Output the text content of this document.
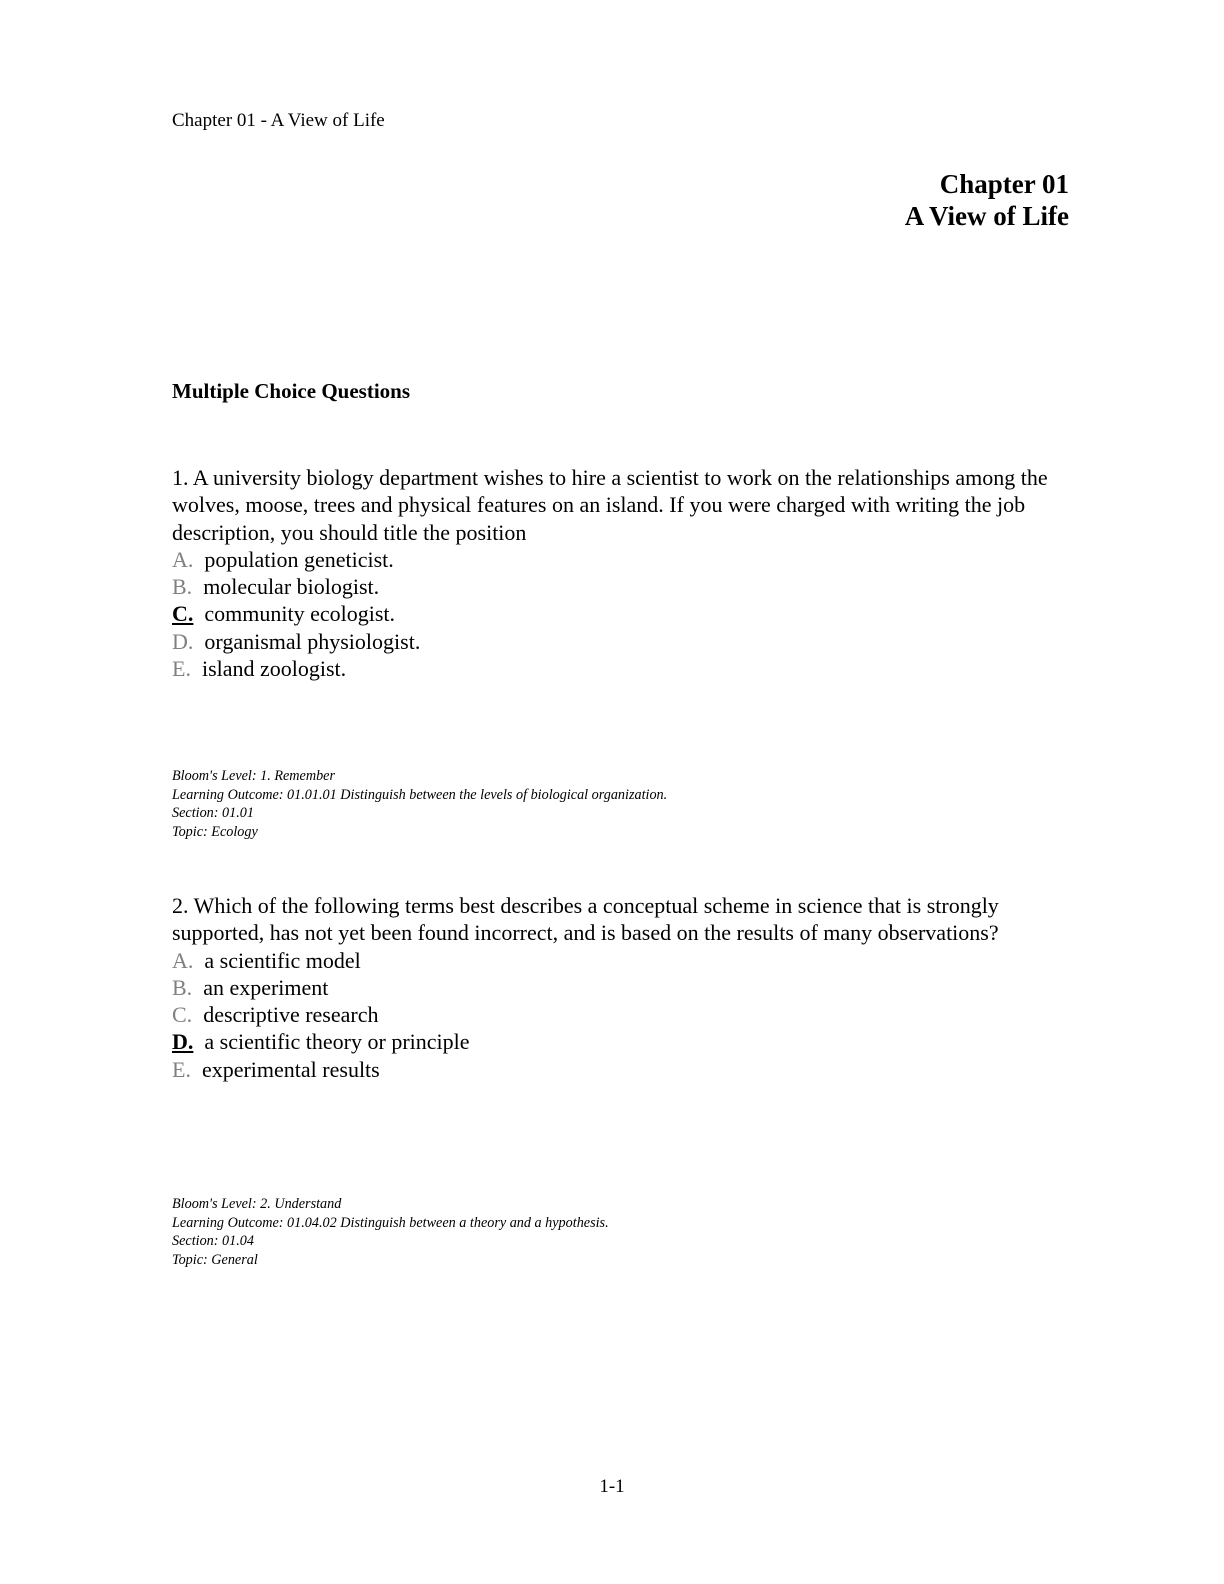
Chapter 01 - A View of Life
Chapter 01
A View of Life
Multiple Choice Questions
1. A university biology department wishes to hire a scientist to work on the relationships among the wolves, moose, trees and physical features on an island. If you were charged with writing the job description, you should title the position
A. population geneticist.
B. molecular biologist.
C. community ecologist.
D. organismal physiologist.
E. island zoologist.
Bloom's Level: 1. Remember
Learning Outcome: 01.01.01 Distinguish between the levels of biological organization.
Section: 01.01
Topic: Ecology
2. Which of the following terms best describes a conceptual scheme in science that is strongly supported, has not yet been found incorrect, and is based on the results of many observations?
A. a scientific model
B. an experiment
C. descriptive research
D. a scientific theory or principle
E. experimental results
Bloom's Level: 2. Understand
Learning Outcome: 01.04.02 Distinguish between a theory and a hypothesis.
Section: 01.04
Topic: General
1-1
